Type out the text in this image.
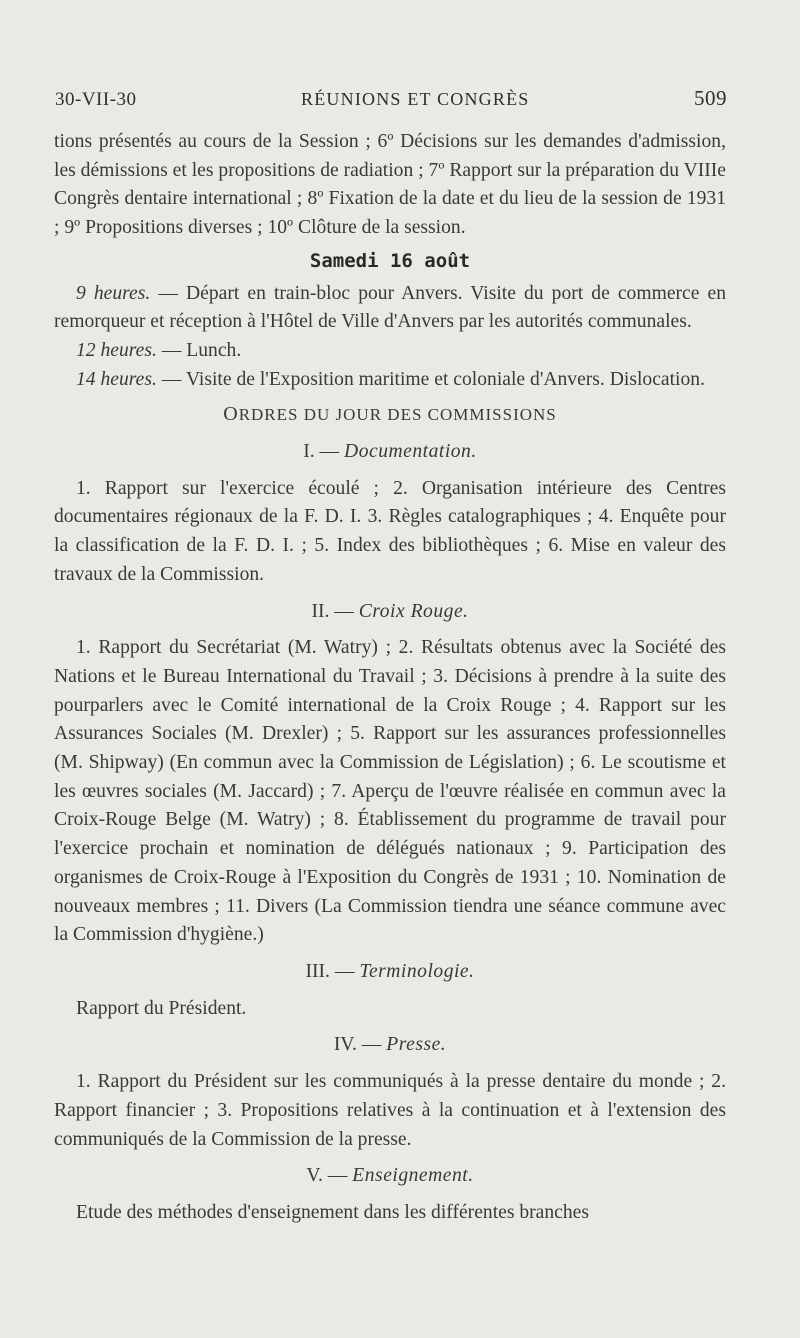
30-VII-30	RÉUNIONS ET CONGRÈS	509

tions présentés au cours de la Session ; 6º Décisions sur les demandes d'admission, les démissions et les propositions de radiation ; 7º Rapport sur la préparation du VIIIe Congrès dentaire international ; 8º Fixation de la date et du lieu de la session de 1931 ; 9º Propositions diverses ; 10º Clôture de la session.

Samedi 16 août

9 heures. — Départ en train-bloc pour Anvers. Visite du port de commerce en remorqueur et réception à l'Hôtel de Ville d'Anvers par les autorités communales.

12 heures. — Lunch.

14 heures. — Visite de l'Exposition maritime et coloniale d'Anvers. Dislocation.

ORDRES DU JOUR DES COMMISSIONS
I. — Documentation.

1. Rapport sur l'exercice écoulé ; 2. Organisation intérieure des Centres documentaires régionaux de la F. D. I. 3. Règles catalographiques ; 4. Enquête pour la classification de la F. D. I. ; 5. Index des bibliothèques ; 6. Mise en valeur des travaux de la Commission.

II. — Croix Rouge.

1. Rapport du Secrétariat (M. Watry) ; 2. Résultats obtenus avec la Société des Nations et le Bureau International du Travail ; 3. Décisions à prendre à la suite des pourparlers avec le Comité international de la Croix Rouge ; 4. Rapport sur les Assurances Sociales (M. Drexler) ; 5. Rapport sur les assurances professionnelles (M. Shipway) (En commun avec la Commission de Législation) ; 6. Le scoutisme et les œuvres sociales (M. Jaccard) ; 7. Aperçu de l'œuvre réalisée en commun avec la Croix-Rouge Belge (M. Watry) ; 8. Établissement du programme de travail pour l'exercice prochain et nomination de délégués nationaux ; 9. Participation des organismes de Croix-Rouge à l'Exposition du Congrès de 1931 ; 10. Nomination de nouveaux membres ; 11. Divers (La Commission tiendra une séance commune avec la Commission d'hygiène.)

III. — Terminologie.

Rapport du Président.

IV. — Presse.

1. Rapport du Président sur les communiqués à la presse dentaire du monde ; 2. Rapport financier ; 3. Propositions relatives à la continuation et à l'extension des communiqués de la Commission de la presse.

V. — Enseignement.

Etude des méthodes d'enseignement dans les différentes branches
